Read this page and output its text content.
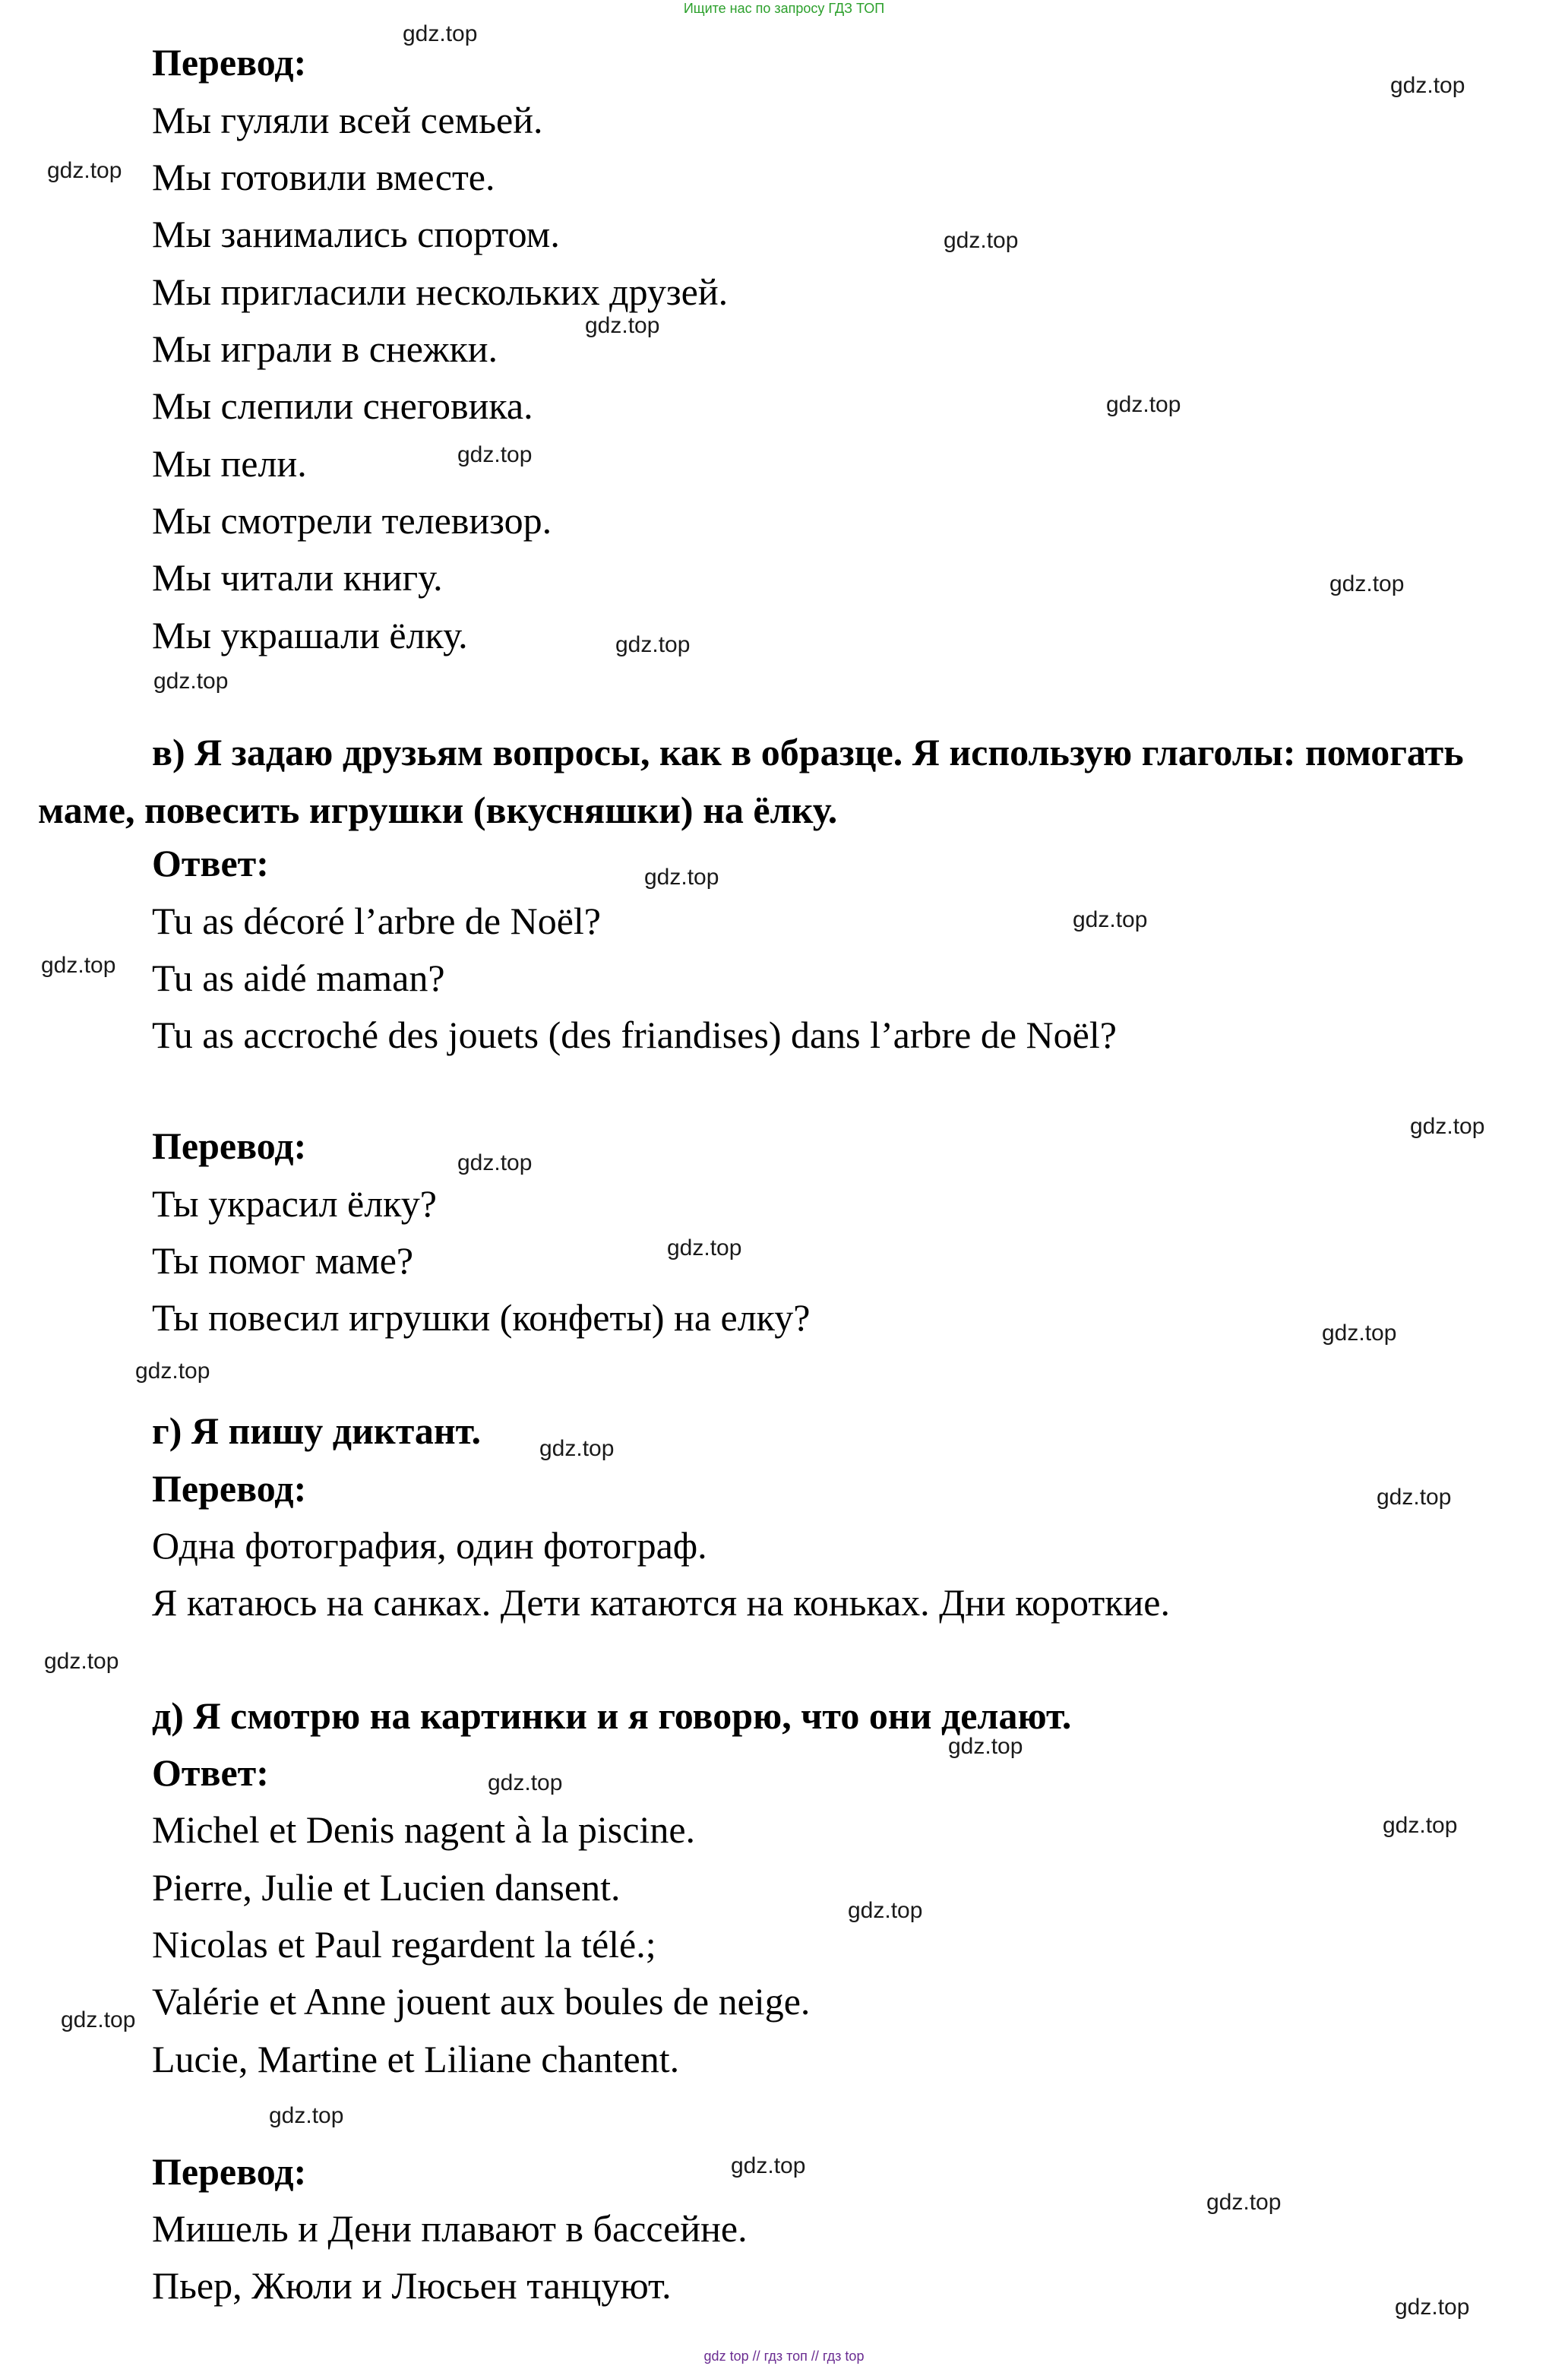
Ищите нас по запросу ГДЗ ТОП
Перевод:
Мы гуляли всей семьей.
Мы готовили вместе.
Мы занимались спортом.
Мы пригласили нескольких друзей.
Мы играли в снежки.
Мы слепили снеговика.
Мы пели.
Мы смотрели телевизор.
Мы читали книгу.
Мы украшали ёлку.
в) Я задаю друзьям вопросы, как в образце. Я использую глаголы: помогать маме, повесить игрушки (вкусняшки) на ёлку.
Ответ:
Tu as décoré l’arbre de Noël?
Tu as aidé maman?
Tu as accroché des jouets (des friandises) dans l’arbre de Noël?
Перевод:
Ты украсил ёлку?
Ты помог маме?
Ты повесил игрушки (конфеты) на елку?
г) Я пишу диктант.
Перевод:
Одна фотография, один фотограф.
Я катаюсь на санках. Дети катаются на коньках. Дни короткие.
д) Я смотрю на картинки и я говорю, что они делают.
Ответ:
Michel et Denis nagent à la piscine.
Pierre, Julie et Lucien dansent.
Nicolas et Paul regardent la télé.;
Valérie et Anne jouent aux boules de neige.
Lucie, Martine et Liliane chantent.
Перевод:
Мишель и Дени плавают в бассейне.
Пьер, Жюли и Люсьен танцуют.
gdz.top
gdz.top
gdz.top
gdz.top
gdz.top
gdz.top
gdz.top
gdz.top
gdz.top
gdz.top
gdz.top
gdz.top
gdz.top
gdz.top
gdz.top
gdz.top
gdz.top
gdz.top
gdz.top
gdz.top
gdz.top
gdz.top
gdz.top
gdz.top
gdz.top
gdz.top
gdz.top
gdz.top
gdz.top
gdz.top
gdz top // гдз топ // гдз top
